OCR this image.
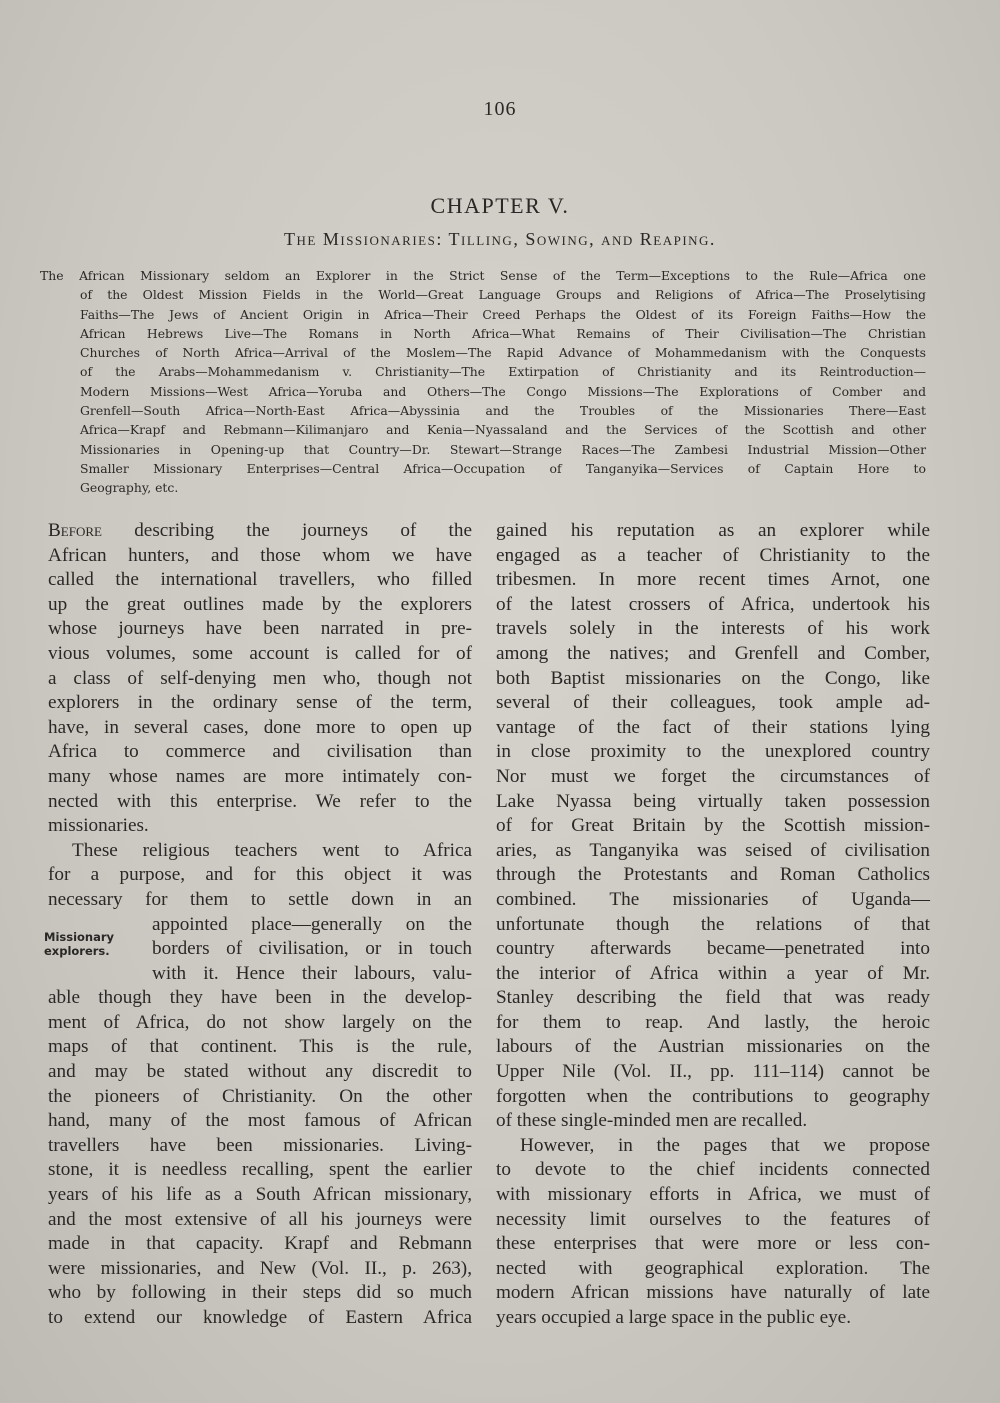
106
CHAPTER V.
The Missionaries: Tilling, Sowing, and Reaping.

The African Missionary seldom an Explorer in the Strict Sense of the Term—Exceptions to the Rule—Africa one
of the Oldest Mission Fields in the World—Great Language Groups and Religions of Africa—The Proselytising
Faiths—The Jews of Ancient Origin in Africa—Their Creed Perhaps the Oldest of its Foreign Faiths—How the
African Hebrews Live—The Romans in North Africa—What Remains of Their Civilisation—The Christian
Churches of North Africa—Arrival of the Moslem—The Rapid Advance of Mohammedanism with the Conquests
of the Arabs—Mohammedanism v. Christianity—The Extirpation of Christianity and its Reintroduction—
Modern Missions—West Africa—Yoruba and Others—The Congo Missions—The Explorations of Comber and
Grenfell—South Africa—North-East Africa—Abyssinia and the Troubles of the Missionaries There—East
Africa—Krapf and Rebmann—Kilimanjaro and Kenia—Nyassaland and the Services of the Scottish and other
Missionaries in Opening-up that Country—Dr. Stewart—Strange Races—The Zambesi Industrial Mission—Other
Smaller Missionary Enterprises—Central Africa—Occupation of Tanganyika—Services of Captain Hore to
Geography, etc.

Before describing the journeys of the
African hunters, and those whom we have
called the international travellers, who filled
up the great outlines made by the explorers
whose journeys have been narrated in pre-
vious volumes, some account is called for of
a class of self-denying men who, though not
explorers in the ordinary sense of the term,
have, in several cases, done more to open up
Africa to commerce and civilisation than
many whose names are more intimately con-
nected with this enterprise. We refer to the
missionaries.
These religious teachers went to Africa
for a purpose, and for this object it was
necessary for them to settle down in an
appointed place—generally on the
borders of civilisation, or in touch
with it. Hence their labours, valu-
able though they have been in the develop-
ment of Africa, do not show largely on the
maps of that continent. This is the rule,
and may be stated without any discredit to
the pioneers of Christianity. On the other
hand, many of the most famous of African
travellers have been missionaries. Living-
stone, it is needless recalling, spent the earlier
years of his life as a South African missionary,
and the most extensive of all his journeys were
made in that capacity. Krapf and Rebmann
were missionaries, and New (Vol. II., p. 263),
who by following in their steps did so much
to extend our knowledge of Eastern Africa
Missionary
explorers.
gained his reputation as an explorer while
engaged as a teacher of Christianity to the
tribesmen. In more recent times Arnot, one
of the latest crossers of Africa, undertook his
travels solely in the interests of his work
among the natives; and Grenfell and Comber,
both Baptist missionaries on the Congo, like
several of their colleagues, took ample ad-
vantage of the fact of their stations lying
in close proximity to the unexplored country
Nor must we forget the circumstances of
Lake Nyassa being virtually taken possession
of for Great Britain by the Scottish mission-
aries, as Tanganyika was seised of civilisation
through the Protestants and Roman Catholics
combined. The missionaries of Uganda—
unfortunate though the relations of that
country afterwards became—penetrated into
the interior of Africa within a year of Mr.
Stanley describing the field that was ready
for them to reap. And lastly, the heroic
labours of the Austrian missionaries on the
Upper Nile (Vol. II., pp. 111–114) cannot be
forgotten when the contributions to geography
of these single-minded men are recalled.
However, in the pages that we propose
to devote to the chief incidents connected
with missionary efforts in Africa, we must of
necessity limit ourselves to the features of
these enterprises that were more or less con-
nected with geographical exploration. The
modern African missions have naturally of late
years occupied a large space in the public eye.
